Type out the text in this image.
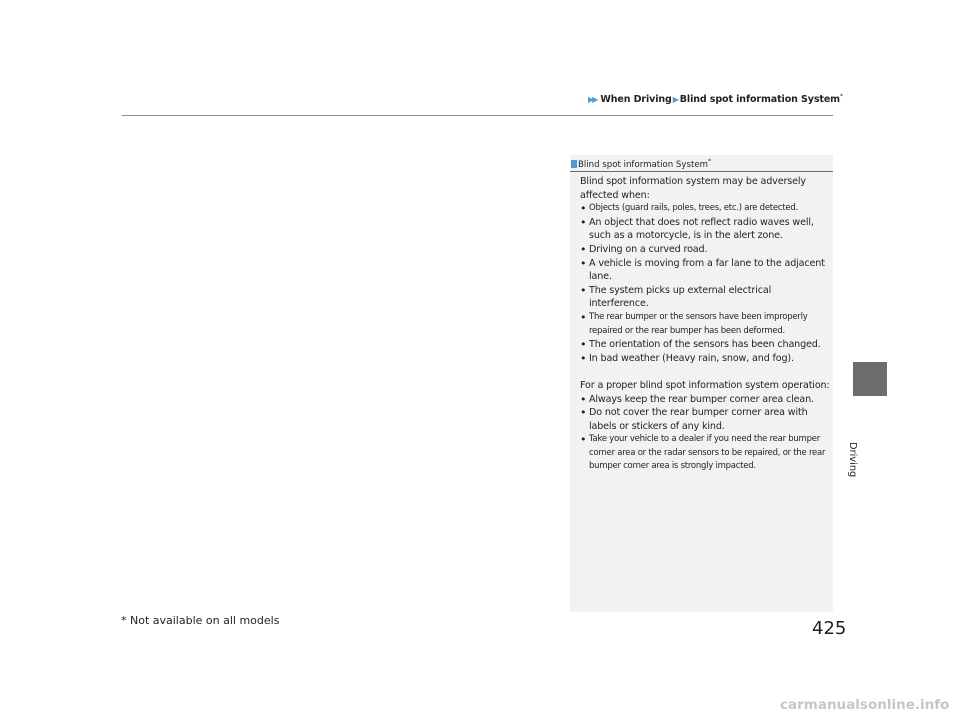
▶▶ When Driving▶Blind spot information System*
Blind spot information System*

Blind spot information system may be adversely affected when:

• Objects (guard rails, poles, trees, etc.) are detected.
• An object that does not reflect radio waves well, such as a motorcycle, is in the alert zone.
• Driving on a curved road.
• A vehicle is moving from a far lane to the adjacent lane.
• The system picks up external electrical interference.
• The rear bumper or the sensors have been improperly repaired or the rear bumper has been deformed.
• The orientation of the sensors has been changed.
• In bad weather (Heavy rain, snow, and fog).

For a proper blind spot information system operation:

• Always keep the rear bumper corner area clean.
• Do not cover the rear bumper corner area with labels or stickers of any kind.
• Take your vehicle to a dealer if you need the rear bumper corner area or the radar sensors to be repaired, or the rear bumper corner area is strongly impacted.	Driving
* Not available on all models	425
carmanualsonline.info
